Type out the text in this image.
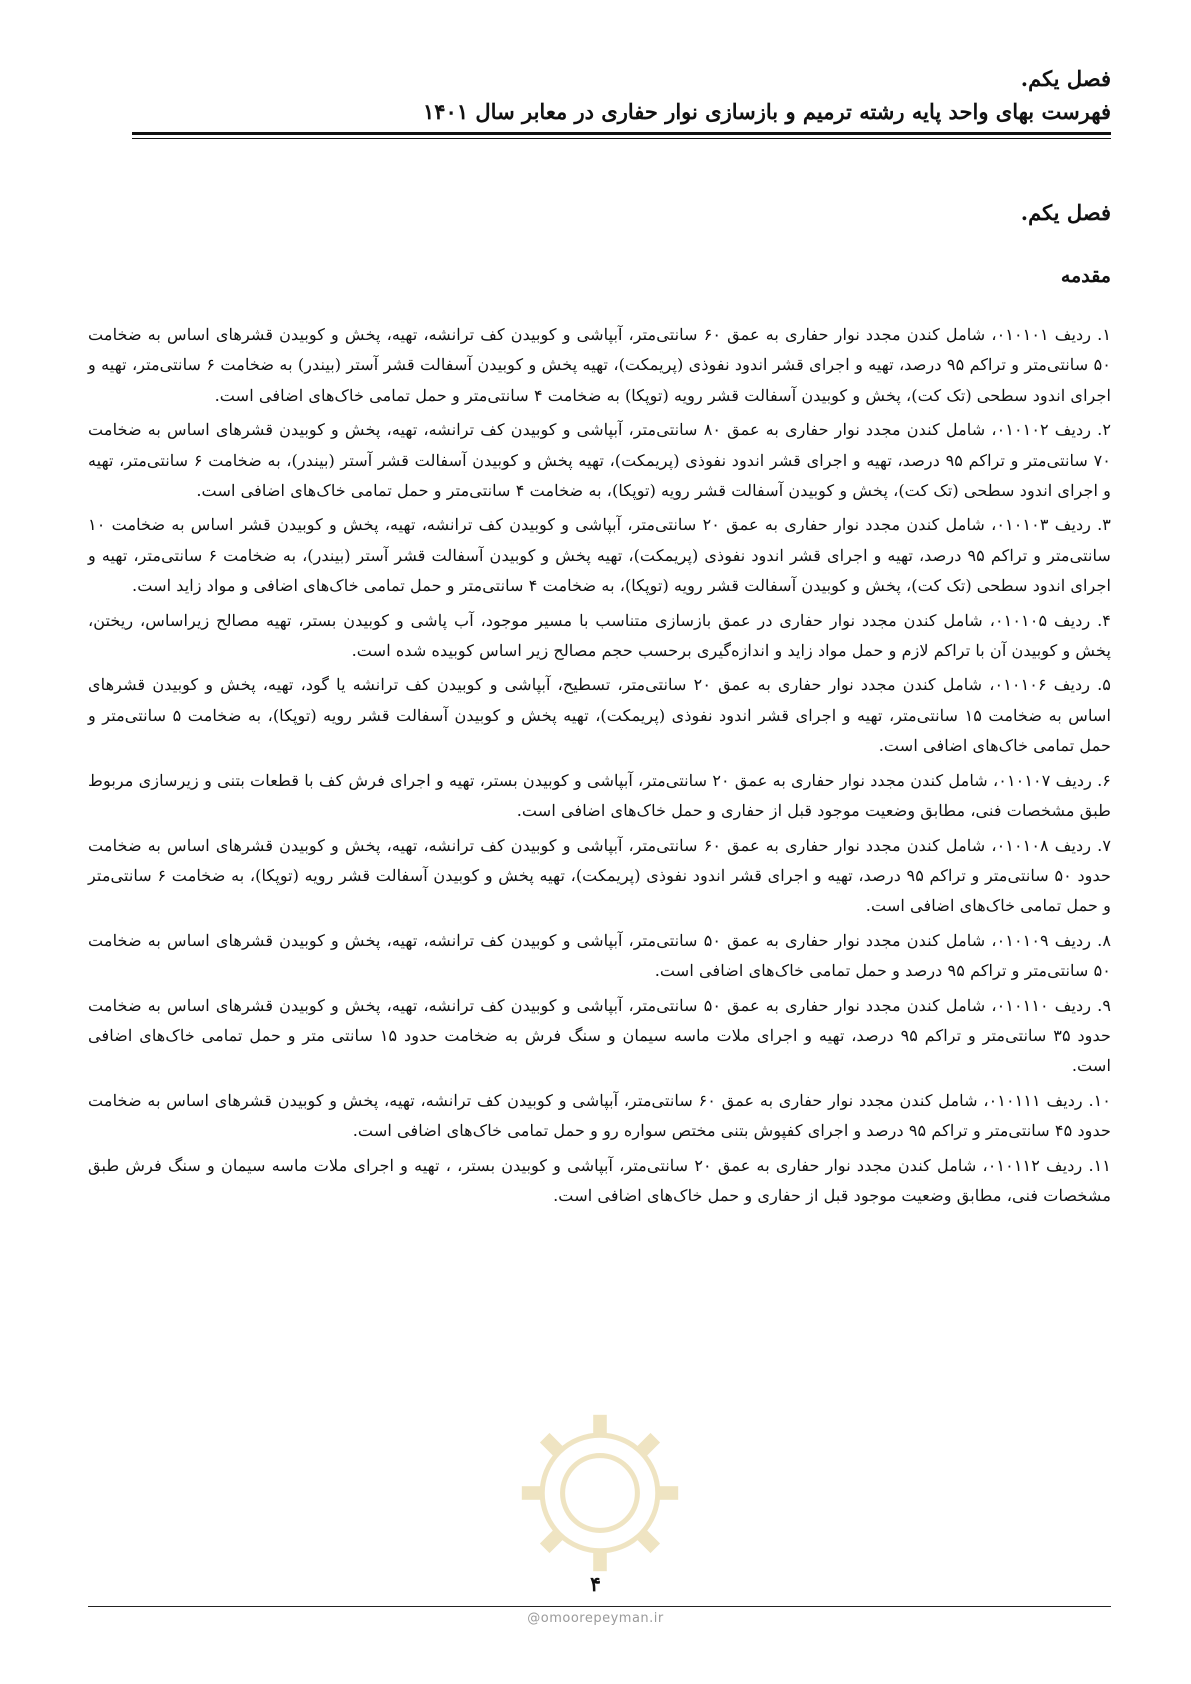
فصل یکم.
فهرست بهای واحد پایه رشته ترمیم و بازسازی نوار حفاری در معابر سال ۱۴۰۱
فصل یکم.
مقدمه

۱. ردیف ۰۱۰۱۰۱، شامل کندن مجدد نوار حفاری به عمق ۶۰ سانتی‌متر، آبپاشی و کوبیدن کف ترانشه، تهیه، پخش و کوبیدن قشرهای اساس به ضخامت ۵۰ سانتی‌متر و تراکم ۹۵ درصد، تهیه و اجرای قشر اندود نفوذی (پریمکت)، تهیه پخش و کوبیدن آسفالت قشر آستر (بیندر) به ضخامت ۶ سانتی‌متر، تهیه و اجرای اندود سطحی (تک کت)، پخش و کوبیدن آسفالت قشر رویه (توپکا) به ضخامت ۴ سانتی‌متر و حمل تمامی خاک‌های اضافی است.

۲. ردیف ۰۱۰۱۰۲، شامل کندن مجدد نوار حفاری به عمق ۸۰ سانتی‌متر، آبپاشی و کوبیدن کف ترانشه، تهیه، پخش و کوبیدن قشرهای اساس به ضخامت ۷۰ سانتی‌متر و تراکم ۹۵ درصد، تهیه و اجرای قشر اندود نفوذی (پریمکت)، تهیه پخش و کوبیدن آسفالت قشر آستر (بیندر)، به ضخامت ۶ سانتی‌متر، تهیه و اجرای اندود سطحی (تک کت)، پخش و کوبیدن آسفالت قشر رویه (توپکا)، به ضخامت ۴ سانتی‌متر و حمل تمامی خاک‌های اضافی است.

۳. ردیف ۰۱۰۱۰۳، شامل کندن مجدد نوار حفاری به عمق ۲۰ سانتی‌متر، آبپاشی و کوبیدن کف ترانشه، تهیه، پخش و کوبیدن قشر اساس به ضخامت ۱۰ سانتی‌متر و تراکم ۹۵ درصد، تهیه و اجرای قشر اندود نفوذی (پریمکت)، تهیه پخش و کوبیدن آسفالت قشر آستر (بیندر)، به ضخامت ۶ سانتی‌متر، تهیه و اجرای اندود سطحی (تک کت)، پخش و کوبیدن آسفالت قشر رویه (توپکا)، به ضخامت ۴ سانتی‌متر و حمل تمامی خاک‌های اضافی و مواد زاید است.

۴. ردیف ۰۱۰۱۰۵، شامل کندن مجدد نوار حفاری در عمق بازسازی متناسب با مسیر موجود، آب پاشی و کوبیدن بستر، تهیه مصالح زیراساس، ریختن، پخش و کوبیدن آن با تراکم لازم و حمل مواد زاید و اندازه‌گیری برحسب حجم مصالح زیر اساس کوبیده شده است.

۵. ردیف ۰۱۰۱۰۶، شامل کندن مجدد نوار حفاری به عمق ۲۰ سانتی‌متر، تسطیح، آبپاشی و کوبیدن کف ترانشه یا گود، تهیه، پخش و کوبیدن قشرهای اساس به ضخامت ۱۵ سانتی‌متر، تهیه و اجرای قشر اندود نفوذی (پریمکت)، تهیه پخش و کوبیدن آسفالت قشر رویه (توپکا)، به ضخامت ۵ سانتی‌متر و حمل تمامی خاک‌های اضافی است.

۶. ردیف ۰۱۰۱۰۷، شامل کندن مجدد نوار حفاری به عمق ۲۰ سانتی‌متر، آبپاشی و کوبیدن بستر، تهیه و اجرای فرش کف با قطعات بتنی و زیرسازی مربوط طبق مشخصات فنی، مطابق وضعیت موجود قبل از حفاری و حمل خاک‌های اضافی است.

۷. ردیف ۰۱۰۱۰۸، شامل کندن مجدد نوار حفاری به عمق ۶۰ سانتی‌متر، آبپاشی و کوبیدن کف ترانشه، تهیه، پخش و کوبیدن قشرهای اساس به ضخامت حدود ۵۰ سانتی‌متر و تراکم ۹۵ درصد، تهیه و اجرای قشر اندود نفوذی (پریمکت)، تهیه پخش و کوبیدن آسفالت قشر رویه (توپکا)، به ضخامت ۶ سانتی‌متر و حمل تمامی خاک‌های اضافی است.

۸. ردیف ۰۱۰۱۰۹، شامل کندن مجدد نوار حفاری به عمق ۵۰ سانتی‌متر، آبپاشی و کوبیدن کف ترانشه، تهیه، پخش و کوبیدن قشرهای اساس به ضخامت ۵۰ سانتی‌متر و تراکم ۹۵ درصد و حمل تمامی خاک‌های اضافی است.

۹. ردیف ۰۱۰۱۱۰، شامل کندن مجدد نوار حفاری به عمق ۵۰ سانتی‌متر، آبپاشی و کوبیدن کف ترانشه، تهیه، پخش و کوبیدن قشرهای اساس به ضخامت حدود ۳۵ سانتی‌متر و تراکم ۹۵ درصد، تهیه و اجرای ملات ماسه سیمان و سنگ فرش به ضخامت حدود ۱۵ سانتی متر و حمل تمامی خاک‌های اضافی است.

۱۰. ردیف ۰۱۰۱۱۱، شامل کندن مجدد نوار حفاری به عمق ۶۰ سانتی‌متر، آبپاشی و کوبیدن کف ترانشه، تهیه، پخش و کوبیدن قشرهای اساس به ضخامت حدود ۴۵ سانتی‌متر و تراکم ۹۵ درصد و اجرای کفپوش بتنی مختص سواره رو و حمل تمامی خاک‌های اضافی است.

۱۱. ردیف ۰۱۰۱۱۲، شامل کندن مجدد نوار حفاری به عمق ۲۰ سانتی‌متر، آبپاشی و کوبیدن بستر، ، تهیه و اجرای ملات ماسه سیمان و سنگ فرش طبق مشخصات فنی، مطابق وضعیت موجود قبل از حفاری و حمل خاک‌های اضافی است.

۴
@omoorepeyman.ir
